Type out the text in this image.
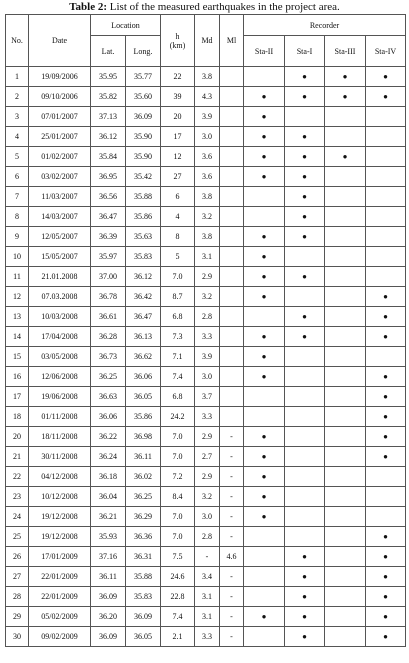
Table 2: List of the measured earthquakes in the project area.
No.	Date	Location		h
(km)	Md	Ml	Recorder			
		Lat.	Long.				Sta-II	Sta-I	Sta-III	Sta-IV
1	19/09/2006	35.95	35.77	22	3.8			●	●	●
2	09/10/2006	35.82	35.60	39	4.3		●	●	●	●
3	07/01/2007	37.13	36.09	20	3.9		●			
4	25/01/2007	36.12	35.90	17	3.0		●	●		
5	01/02/2007	35.84	35.90	12	3.6		●	●	●	
6	03/02/2007	36.95	35.42	27	3.6		●	●		
7	11/03/2007	36.56	35.88	6	3.8			●		
8	14/03/2007	36.47	35.86	4	3.2			●		
9	12/05/2007	36.39	35.63	8	3.8		●	●		
10	15/05/2007	35.97	35.83	5	3.1		●			
11	21.01.2008	37.00	36.12	7.0	2.9		●	●		
12	07.03.2008	36.78	36.42	8.7	3.2		●			●
13	10/03/2008	36.61	36.47	6.8	2.8			●		●
14	17/04/2008	36.28	36.13	7.3	3.3		●	●		●
15	03/05/2008	36.73	36.62	7.1	3.9		●			
16	12/06/2008	36.25	36.06	7.4	3.0		●			●
17	19/06/2008	36.63	36.05	6.8	3.7					●
18	01/11/2008	36.06	35.86	24.2	3.3					●
20	18/11/2008	36.22	36.98	7.0	2.9	-	●			●
21	30/11/2008	36.24	36.11	7.0	2.7	-	●			●
22	04/12/2008	36.18	36.02	7.2	2.9	-	●			
23	10/12/2008	36.04	36.25	8.4	3.2	-	●			
24	19/12/2008	36.21	36.29	7.0	3.0	-	●			
25	19/12/2008	35.93	36.36	7.0	2.8	-				●
26	17/01/2009	37.16	36.31	7.5	-	4.6		●		●
27	22/01/2009	36.11	35.88	24.6	3.4	-		●		●
28	22/01/2009	36.09	35.83	22.8	3.1	-		●		●
29	05/02/2009	36.20	36.09	7.4	3.1	-	●	●		●
30	09/02/2009	36.09	36.05	2.1	3.3	-		●		●
